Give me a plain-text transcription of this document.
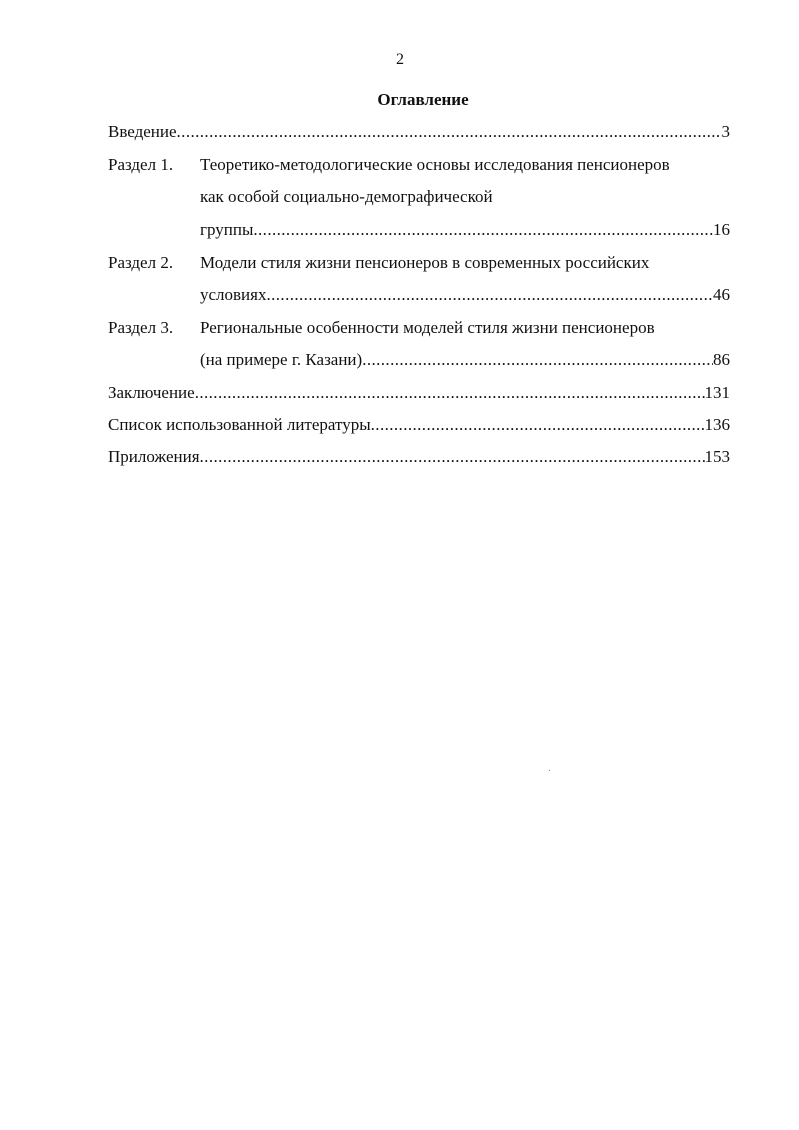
2
Оглавление
Введение .....	3
Раздел 1. Теоретико-методологические основы исследования пенсионеров
как особой социально-демографической
группы .....	16
Раздел 2. Модели стиля жизни пенсионеров в современных российских
условиях .....	46
Раздел 3. Региональные особенности моделей стиля жизни пенсионеров
(на примере г. Казани) .....	86
Заключение .....	131
Список использованной литературы .....	136
Приложения .....	153
